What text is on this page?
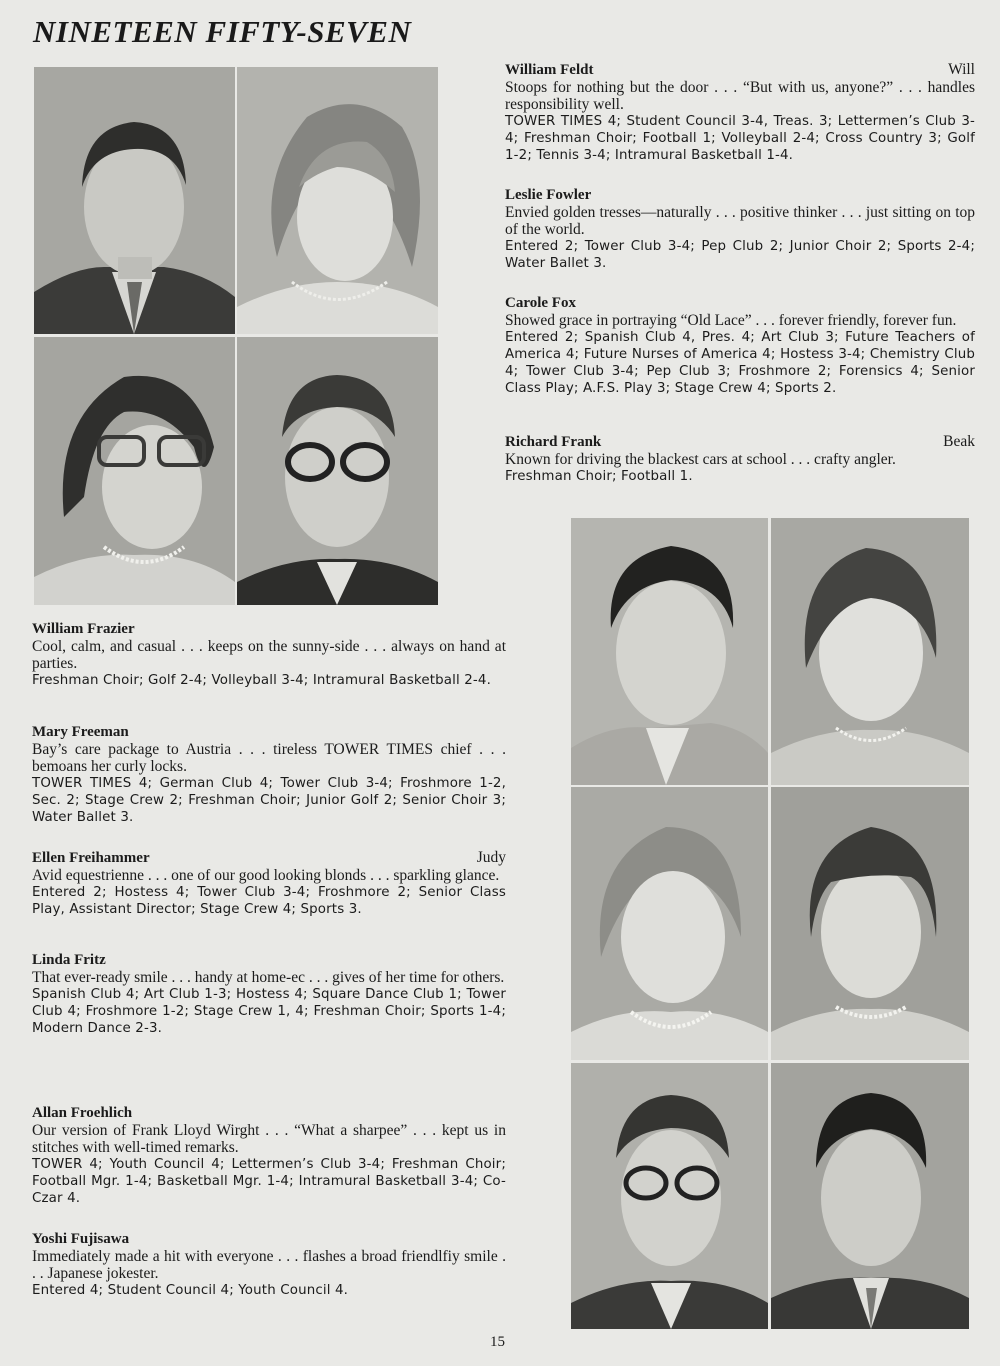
NINETEEN FIFTY-SEVEN
William Feldt	Will
Stoops for nothing but the door . . . “But with us, anyone?” . . . handles responsibility well.
TOWER TIMES 4; Student Council 3-4, Treas. 3; Lettermen’s Club 3-4; Freshman Choir; Football 1; Volleyball 2-4; Cross Country 3; Golf 1-2; Tennis 3-4; Intramural Basketball 1-4.
Leslie Fowler
Envied golden tresses—naturally . . . positive thinker . . . just sitting on top of the world.
Entered 2; Tower Club 3-4; Pep Club 2; Junior Choir 2; Sports 2-4; Water Ballet 3.
Carole Fox
Showed grace in portraying “Old Lace” . . . forever friendly, forever fun.
Entered 2; Spanish Club 4, Pres. 4; Art Club 3; Future Teachers of America 4; Future Nurses of America 4; Hostess 3-4; Chemistry Club 4; Tower Club 3-4; Pep Club 3; Froshmore 2; Forensics 4; Senior Class Play; A.F.S. Play 3; Stage Crew 4; Sports 2.
Richard Frank	Beak
Known for driving the blackest cars at school . . . crafty angler.
Freshman Choir; Football 1.
William Frazier
Cool, calm, and casual . . . keeps on the sunny-side . . . always on hand at parties.
Freshman Choir; Golf 2-4; Volleyball 3-4; Intramural Basketball 2-4.
Mary Freeman
Bay’s care package to Austria . . . tireless TOWER TIMES chief . . . bemoans her curly locks.
TOWER TIMES 4; German Club 4; Tower Club 3-4; Froshmore 1-2, Sec. 2; Stage Crew 2; Freshman Choir; Junior Golf 2; Senior Choir 3; Water Ballet 3.
Ellen Freihammer	Judy
Avid equestrienne . . . one of our good looking blonds . . . sparkling glance.
Entered 2; Hostess 4; Tower Club 3-4; Froshmore 2; Senior Class Play, Assistant Director; Stage Crew 4; Sports 3.
Linda Fritz
That ever-ready smile . . . handy at home-ec . . . gives of her time for others.
Spanish Club 4; Art Club 1-3; Hostess 4; Square Dance Club 1; Tower Club 4; Froshmore 1-2; Stage Crew 1, 4; Freshman Choir; Sports 1-4; Modern Dance 2-3.
Allan Froehlich
Our version of Frank Lloyd Wirght . . . “What a sharpee” . . . kept us in stitches with well-timed remarks.
TOWER 4; Youth Council 4; Lettermen’s Club 3-4; Freshman Choir; Football Mgr. 1-4; Basketball Mgr. 1-4; Intramural Basketball 3-4; Co-Czar 4.
Yoshi Fujisawa
Immediately made a hit with everyone . . . flashes a broad friendlfiy smile . . . Japanese jokester.
Entered 4; Student Council 4; Youth Council 4.
15
